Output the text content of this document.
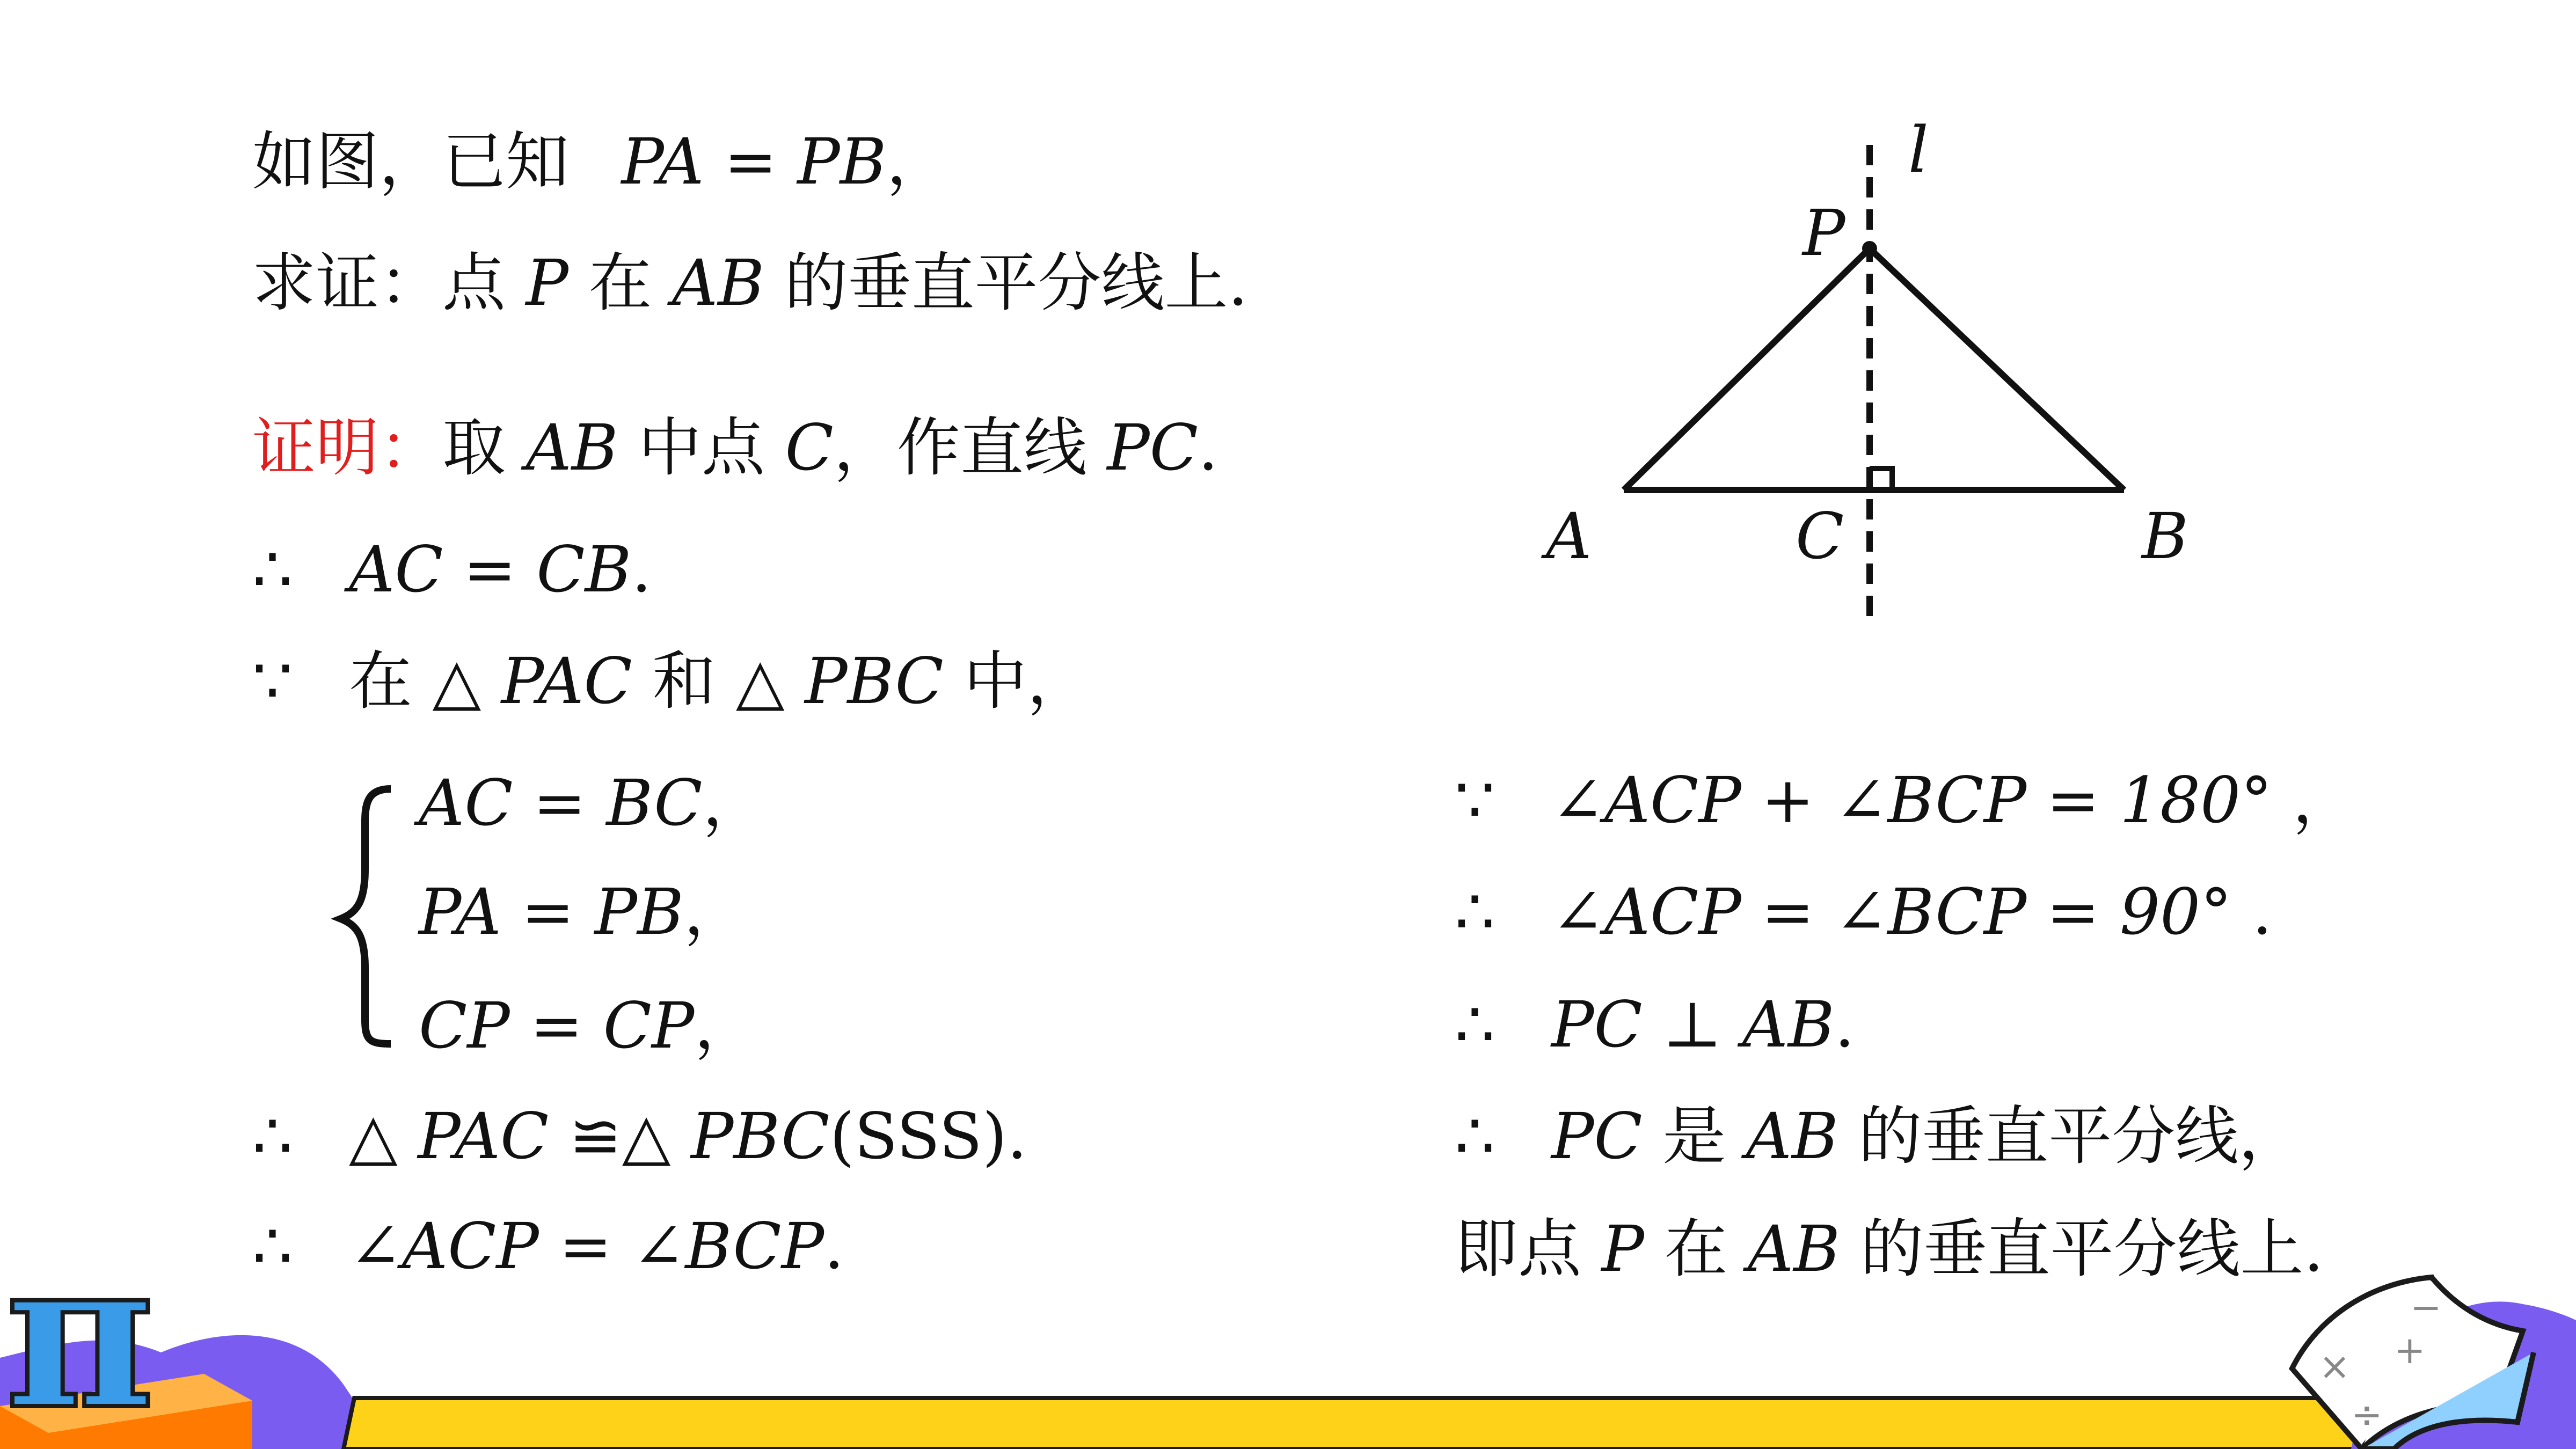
如图，已知 PA = PB，
求证：点 P 在 AB 的垂直平分线上.
证明：取 AB 中点 C，作直线 PC.
∴ AC = CB.
∵ 在 △ PAC 和 △ PBC 中，
AC = BC，
PA = PB，
CP = CP，
∴ △ PAC ≌△ PBC(SSS).
∴ ∠ACP = ∠BCP.
∵ ∠ACP + ∠BCP = 180° ，
∴ ∠ACP = ∠BCP = 90° .
∴ PC ⊥ AB.
∴ PC 是 AB 的垂直平分线，
即点 P 在 AB 的垂直平分线上.
l
P
A	C	B
π	×
÷
+
−
